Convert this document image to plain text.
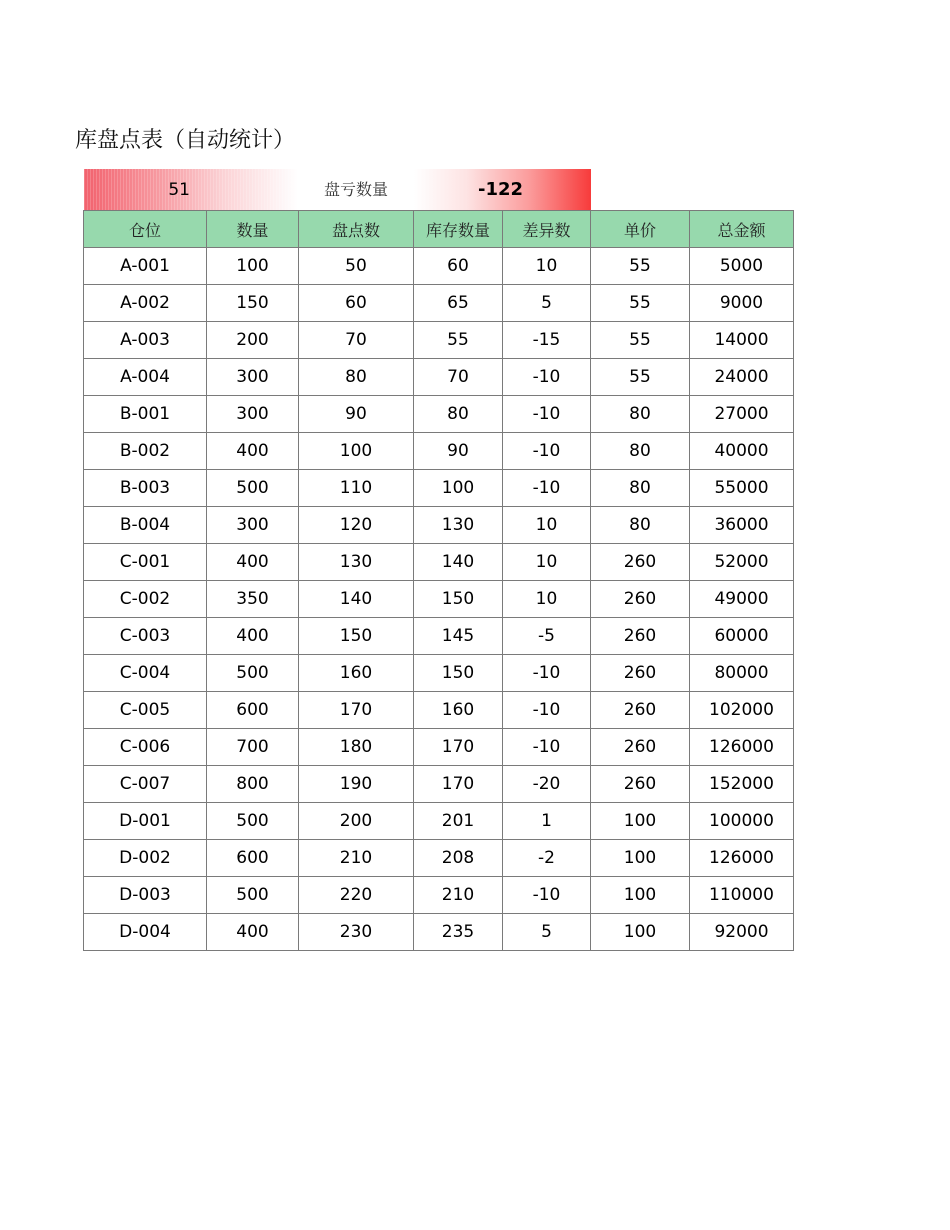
库盘点表（自动统计）
51	盘亏数量	-122
仓位	数量	盘点数	库存数量	差异数	单价	总金额
A-001	100	50	60	10	55	5000
A-002	150	60	65	5	55	9000
A-003	200	70	55	-15	55	14000
A-004	300	80	70	-10	55	24000
B-001	300	90	80	-10	80	27000
B-002	400	100	90	-10	80	40000
B-003	500	110	100	-10	80	55000
B-004	300	120	130	10	80	36000
C-001	400	130	140	10	260	52000
C-002	350	140	150	10	260	49000
C-003	400	150	145	-5	260	60000
C-004	500	160	150	-10	260	80000
C-005	600	170	160	-10	260	102000
C-006	700	180	170	-10	260	126000
C-007	800	190	170	-20	260	152000
D-001	500	200	201	1	100	100000
D-002	600	210	208	-2	100	126000
D-003	500	220	210	-10	100	110000
D-004	400	230	235	5	100	92000
